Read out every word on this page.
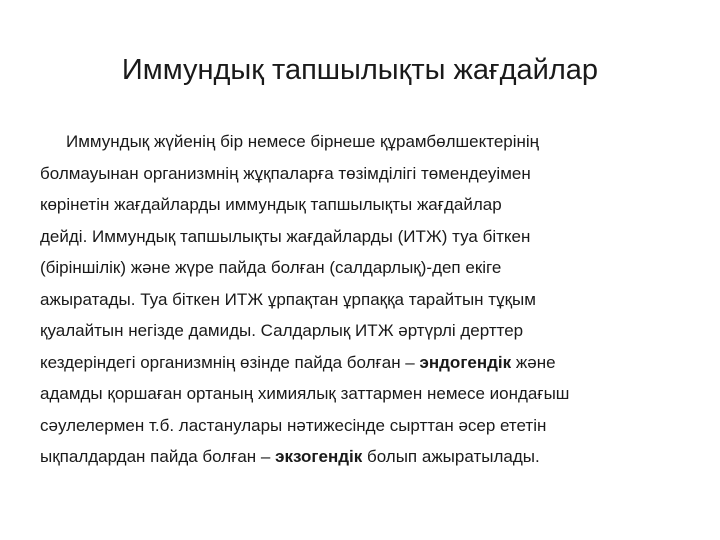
Иммундық тапшылықты жағдайлар
Иммундық жүйенің бір немесе бірнеше құрамбөлшектерінің
болмауынан организмнің жұқпаларға төзімділігі төмендеуімен
көрінетін жағдайларды иммундық тапшылықты жағдайлар
дейді. Иммундық тапшылықты жағдайларды (ИТЖ) туа біткен
(біріншілік) және жүре пайда болған (салдарлық)-деп екіге
ажыратады. Туа біткен ИТЖ ұрпақтан ұрпаққа тарайтын тұқым
қуалайтын негізде дамиды. Салдарлық ИТЖ әртүрлі дерттер
кездеріндегі организмнің өзінде пайда болған – эндогендік және
адамды қоршаған ортаның химиялық заттармен немесе иондағыш
сәулелермен т.б. ластанулары нәтижесінде сырттан әсер ететін
ықпалдардан пайда болған – экзогендік болып ажыратылады.
